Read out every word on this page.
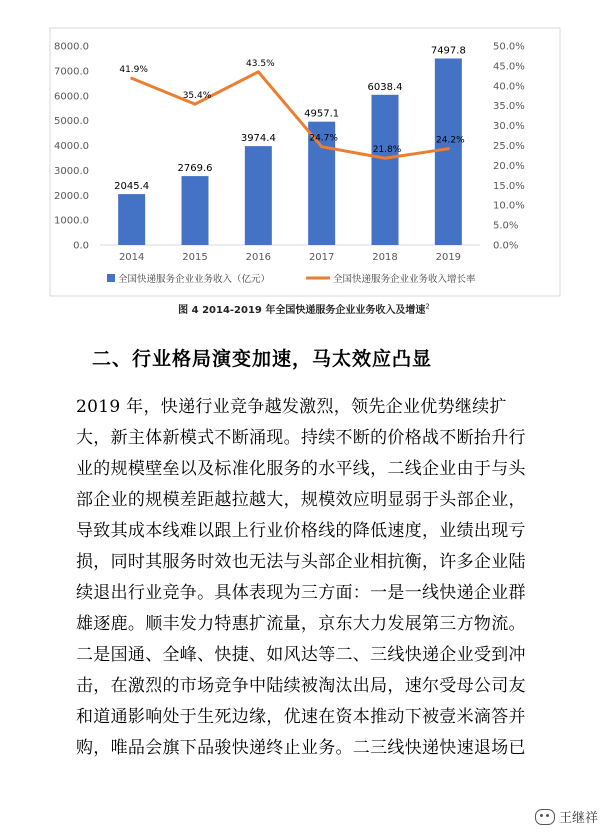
0.0
1000.0
2000.0
3000.0
4000.0
5000.0
6000.0
7000.0
8000.0
0.0%
5.0%
10.0%
15.0%
20.0%
25.0%
30.0%
35.0%
40.0%
45.0%
50.0%
2045.4
2769.6
3974.4
4957.1
6038.4
7497.8
41.9%
35.4%
43.5%
24.7%
21.8%
24.2%
2014	2015	2016	2017	2018	2019
全国快递服务企业业务收入（亿元）	全国快递服务企业业务收入增长率
图 4 2014-2019 年全国快递服务企业业务收入及增速$^2$
二、行业格局演变加速，马太效应凸显
2019 年，快递行业竞争越发激烈，领先企业优势继续扩
大，新主体新模式不断涌现。持续不断的价格战不断抬升行
业的规模壁垒以及标准化服务的水平线，二线企业由于与头
部企业的规模差距越拉越大，规模效应明显弱于头部企业，
导致其成本线难以跟上行业价格线的降低速度，业绩出现亏
损，同时其服务时效也无法与头部企业相抗衡，许多企业陆
续退出行业竞争。具体表现为三方面：一是一线快递企业群
雄逐鹿。顺丰发力特惠扩流量，京东大力发展第三方物流。
二是国通、全峰、快捷、如风达等二、三线快递企业受到冲
击，在激烈的市场竞争中陆续被淘汰出局，速尔受母公司友
和道通影响处于生死边缘，优速在资本推动下被壹米滴答并
购，唯品会旗下品骏快递终止业务。二三线快递快速退场已
王继祥
